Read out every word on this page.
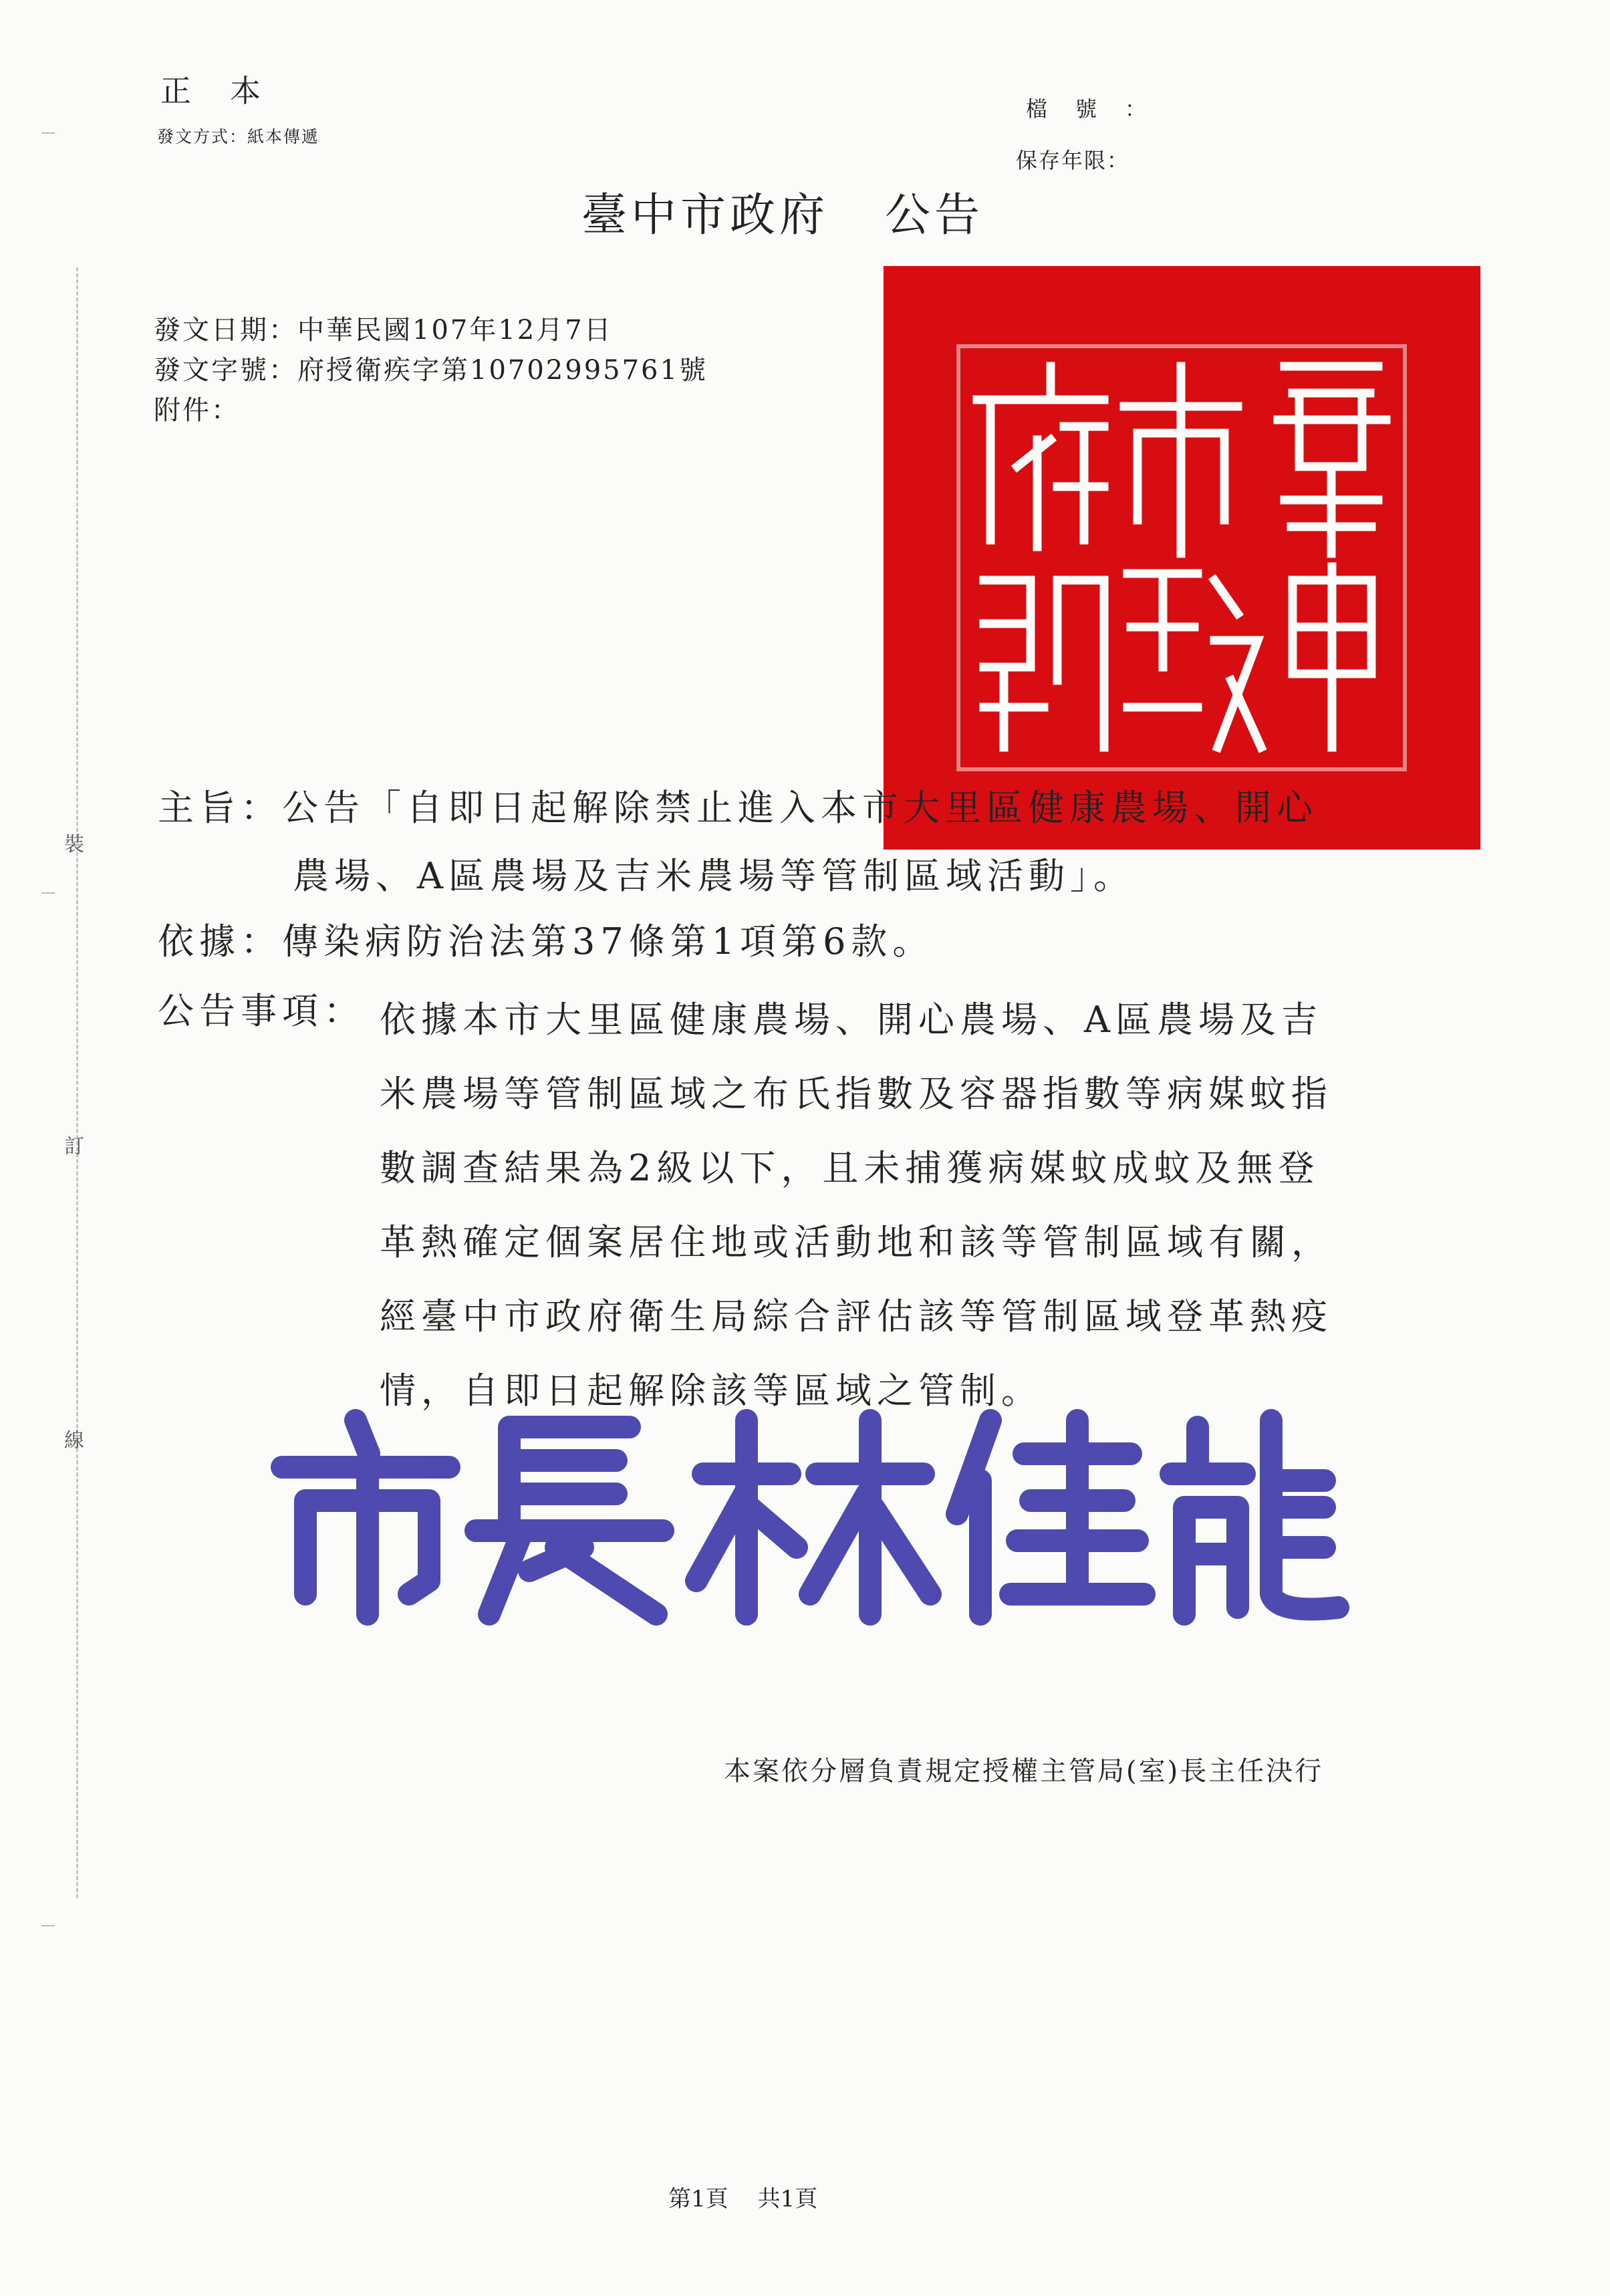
裝
訂
線
正本
發文方式：紙本傳遞
檔號：
保存年限：
臺中市政府 公告
發文日期：中華民國107年12月7日
發文字號：府授衛疾字第10702995761號
附件：
主旨：公告「自即日起解除禁止進入本市大里區健康農場、開心
農場、A區農場及吉米農場等管制區域活動」。
依據：傳染病防治法第37條第1項第6款。
公告事項： 依據本市大里區健康農場、開心農場、A區農場及吉
米農場等管制區域之布氏指數及容器指數等病媒蚊指
數調查結果為2級以下，且未捕獲病媒蚊成蚊及無登
革熱確定個案居住地或活動地和該等管制區域有關，
經臺中市政府衛生局綜合評估該等管制區域登革熱疫
情，自即日起解除該等區域之管制。
本案依分層負責規定授權主管局(室)長主任決行
第1頁 共1頁
